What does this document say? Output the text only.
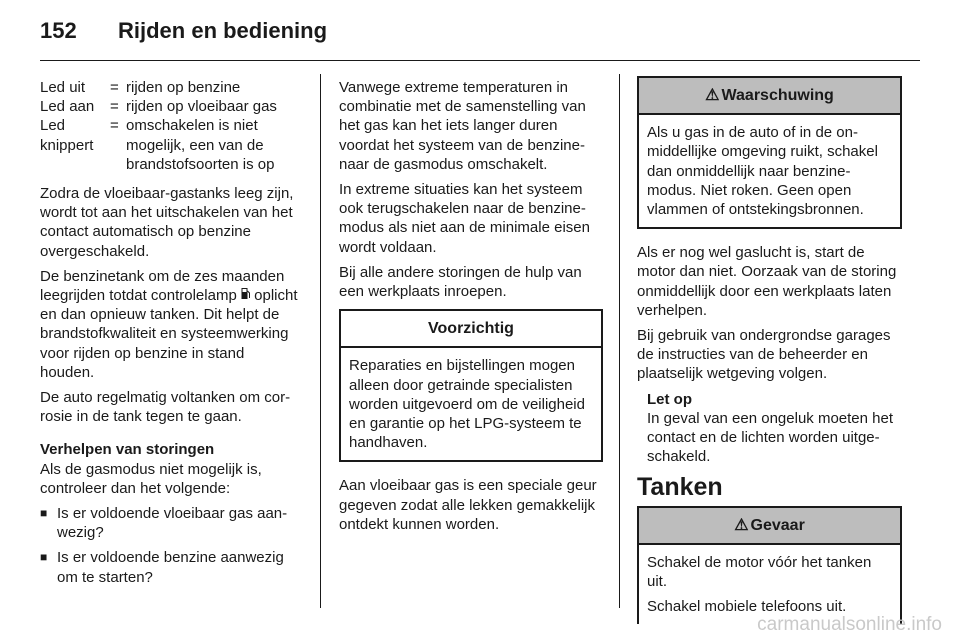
152 Rijden en bediening
Led uit	= rijden op benzine
Led aan	= rijden op vloeibaar gas
Led knippert
= omschakelen is niet mogelijk, een van de brandstofsoorten is op

Zodra de vloeibaar-gastanks leeg zijn, wordt tot aan het uitschakelen van het contact automatisch op benzine overgeschakeld.

De benzinetank om de zes maanden leegrijden totdat controlelamp  oplicht en dan opnieuw tanken. Dit helpt de brandstofkwaliteit en systeemwerking voor rijden op benzine in stand houden.

De auto regelmatig voltanken om corrosie in de tank tegen te gaan.

Verhelpen van storingen

Als de gasmodus niet mogelijk is, controleer dan het volgende:

■ Is er voldoende vloeibaar gas aanwezig?
■ Is er voldoende benzine aanwezig om te starten?

Vanwege extreme temperaturen in combinatie met de samenstelling van het gas kan het iets langer duren voordat het systeem van de benzinenaar de gasmodus omschakelt.

In extreme situaties kan het systeem ook terugschakelen naar de benzinemodus als niet aan de minimale eisen wordt voldaan.

Bij alle andere storingen de hulp van een werkplaats inroepen.

Voorzichtig

Reparaties en bijstellingen mogen alleen door getrainde specialisten worden uitgevoerd om de veiligheid en garantie op het LPG-systeem te handhaven.

Aan vloeibaar gas is een speciale geur gegeven zodat alle lekken gemakkelijk ontdekt kunnen worden.

⚠ Waarschuwing

Als u gas in de auto of in de onmiddellijke omgeving ruikt, schakel dan onmiddellijk naar benzinemodus. Niet roken. Geen open vlammen of ontstekingsbronnen.

Als er nog wel gaslucht is, start de motor dan niet. Oorzaak van de storing onmiddellijk door een werkplaats laten verhelpen.

Bij gebruik van ondergrondse garages de instructies van de beheerder en plaatselijk wetgeving volgen.

Let op
In geval van een ongeluk moeten het contact en de lichten worden uitgeschakeld.
Tanken
⚠ Gevaar

Schakel de motor vóór het tanken uit.

Schakel mobiele telefoons uit.

carmanualsonline.info
